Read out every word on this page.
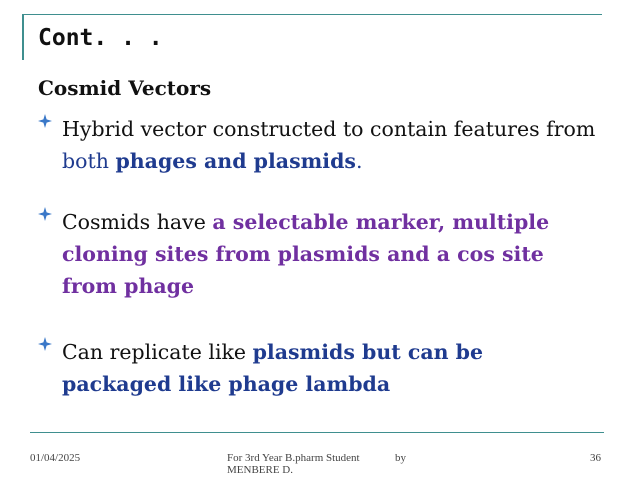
Cont. . .
Cosmid Vectors
Hybrid vector constructed to contain features from both phages and plasmids.
Cosmids have a selectable marker, multiple cloning sites from plasmids and a cos site from phage
Can replicate like plasmids but can be packaged like phage lambda
01/04/2025	For 3rd Year B.pharm Student	by
MENBERE D.
36
